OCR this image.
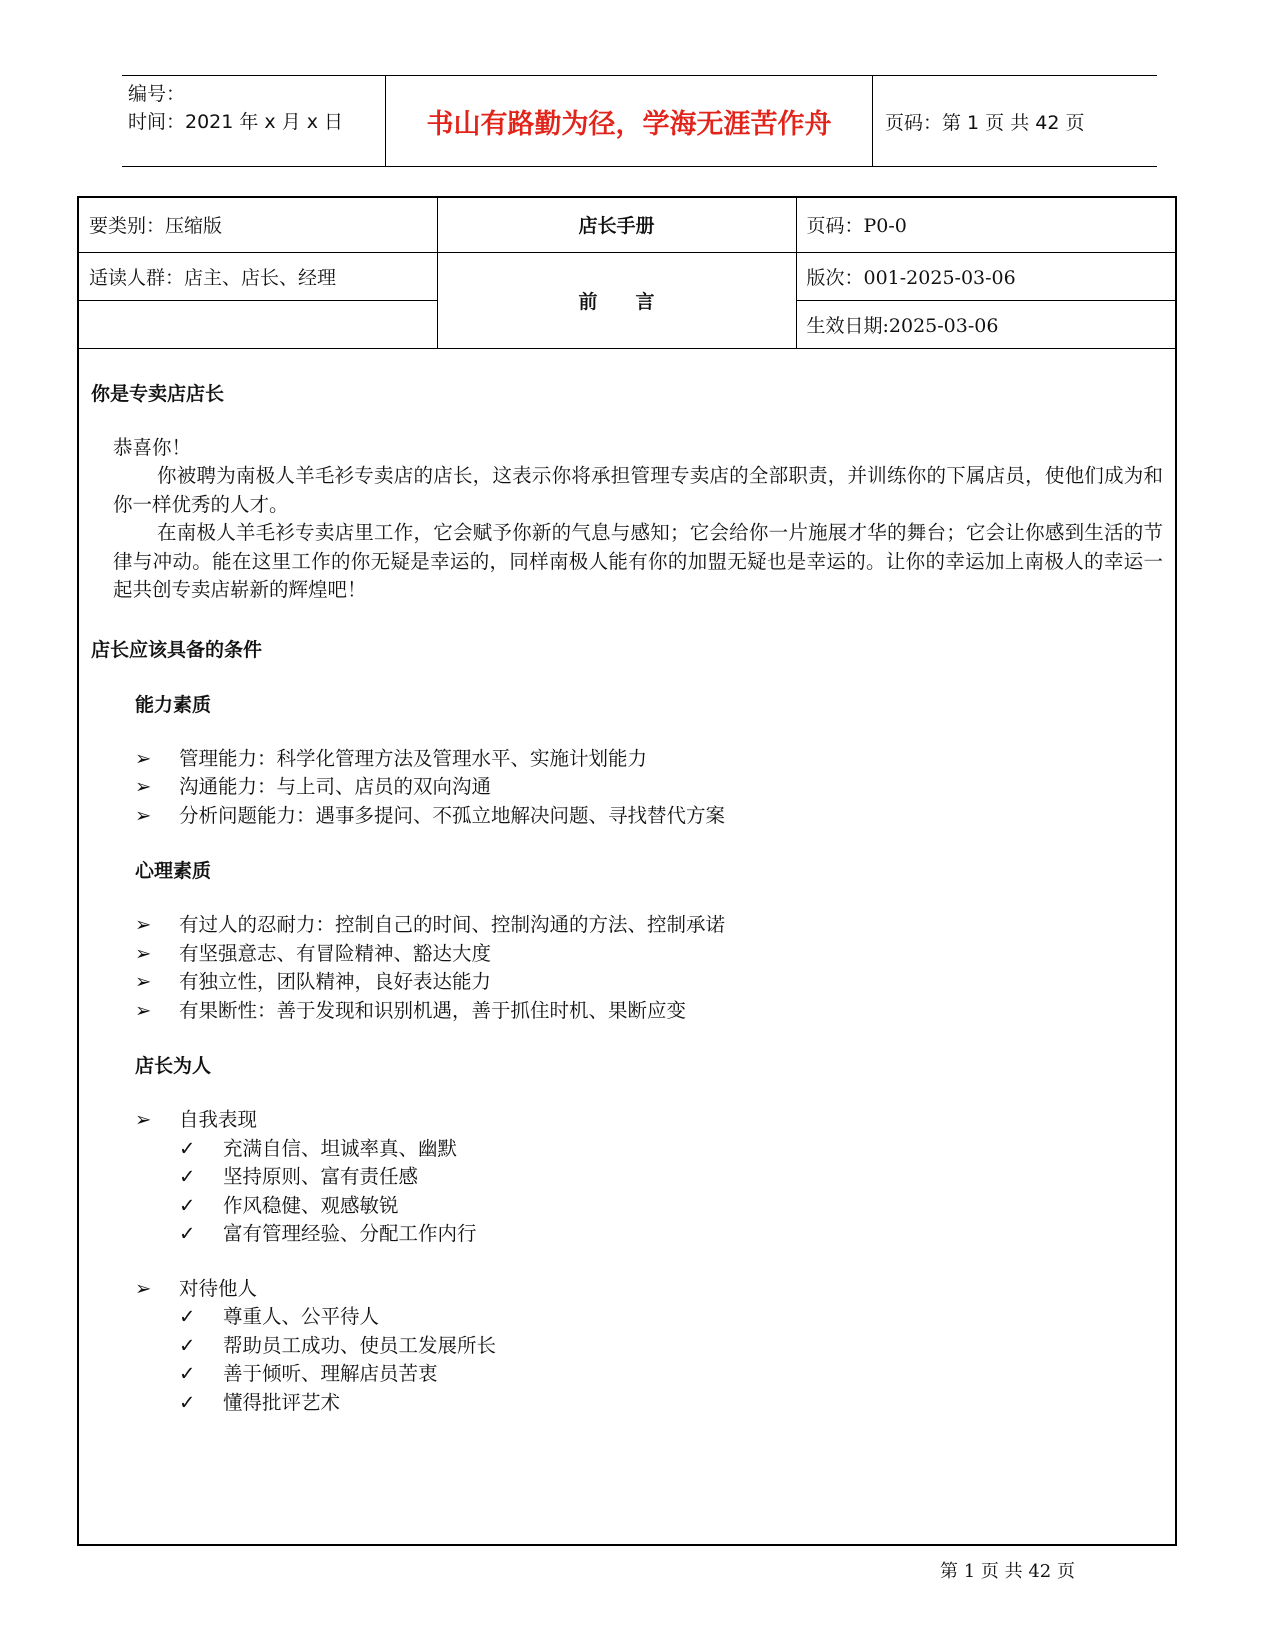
编号：
时间：2021 年 x 月 x 日	书山有路勤为径，学海无涯苦作舟	页码：第 1 页 共 42 页
要类别：压缩版	店长手册	页码：P0-0
适读人群：店主、店长、经理	前　　言	版次：001-2025-03-06
		生效日期:2025-03-06
你是专卖店店长
恭喜你！
你被聘为南极人羊毛衫专卖店的店长，这表示你将承担管理专卖店的全部职责，并训练你的下属店员，使他们成为和你一样优秀的人才。
在南极人羊毛衫专卖店里工作，它会赋予你新的气息与感知；它会给你一片施展才华的舞台；它会让你感到生活的节律与冲动。能在这里工作的你无疑是幸运的，同样南极人能有你的加盟无疑也是幸运的。让你的幸运加上南极人的幸运一起共创专卖店崭新的辉煌吧！
店长应该具备的条件
能力素质
➢	管理能力：科学化管理方法及管理水平、实施计划能力
➢	沟通能力：与上司、店员的双向沟通
➢	分析问题能力：遇事多提问、不孤立地解决问题、寻找替代方案
心理素质
➢	有过人的忍耐力：控制自己的时间、控制沟通的方法、控制承诺
➢	有坚强意志、有冒险精神、豁达大度
➢	有独立性，团队精神，良好表达能力
➢	有果断性：善于发现和识别机遇，善于抓住时机、果断应变
店长为人
➢	自我表现
✓	充满自信、坦诚率真、幽默
✓	坚持原则、富有责任感
✓	作风稳健、观感敏锐
✓	富有管理经验、分配工作内行
➢	对待他人
✓	尊重人、公平待人
✓	帮助员工成功、使员工发展所长
✓	善于倾听、理解店员苦衷
✓	懂得批评艺术
第 1 页 共 42 页
